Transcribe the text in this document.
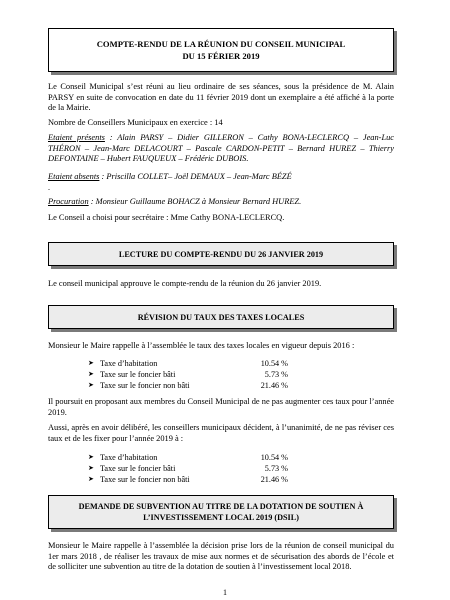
COMPTE-RENDU DE LA RÉUNION DU CONSEIL MUNICIPAL
DU 15 FÉRIER 2019

Le Conseil Municipal s’est réuni au lieu ordinaire de ses séances, sous la présidence de M. Alain PARSY en suite de convocation en date du 11 février 2019 dont un exemplaire a été affiché à la porte de la Mairie.

Nombre de Conseillers Municipaux en exercice : 14

Etaient présents : Alain PARSY – Didier GILLERON – Cathy BONA-LECLERCQ – Jean-Luc THÉRON – Jean-Marc DELACOURT – Pascale CARDON-PETIT – Bernard HUREZ – Thierry DEFONTAINE – Hubert FAUQUEUX – Frédéric DUBOIS.

Etaient absents : Priscilla COLLET– Joël DEMAUX – Jean-Marc BÉZÉ

.

Procuration : Monsieur Guillaume BOHACZ à Monsieur Bernard HUREZ.

Le Conseil a choisi pour secrétaire : Mme Cathy BONA-LECLERCQ.

LECTURE DU COMPTE-RENDU DU 26 JANVIER 2019

Le conseil municipal approuve le compte-rendu de la réunion du 26 janvier 2019.

RÉVISION DU TAUX DES TAXES LOCALES

Monsieur le Maire rappelle à l’assemblée le taux des taxes locales en vigueur depuis 2016 :

➤ Taxe d’habitation	10.54 %
➤ Taxe sur le foncier bâti	5.73 %
➤ Taxe sur le foncier non bâti	21.46 %

Il poursuit en proposant aux membres du Conseil Municipal de ne pas augmenter ces taux pour l’année 2019.

Aussi, après en avoir délibéré, les conseillers municipaux décident, à l’unanimité, de ne pas réviser ces taux et de les fixer pour l’année 2019 à :

➤ Taxe d’habitation	10.54 %
➤ Taxe sur le foncier bâti	5.73 %
➤ Taxe sur le foncier non bâti	21.46 %
DEMANDE DE SUBVENTION AU TITRE DE LA DOTATION DE SOUTIEN À
L’INVESTISSEMENT LOCAL 2019 (DSIL)

Monsieur le Maire rappelle à l’assemblée la décision prise lors de la réunion de conseil municipal du 1er mars 2018 , de réaliser les travaux de mise aux normes et de sécurisation des abords de l’école et de solliciter une subvention au titre de la dotation de soutien à l’investissement local 2018.

1
